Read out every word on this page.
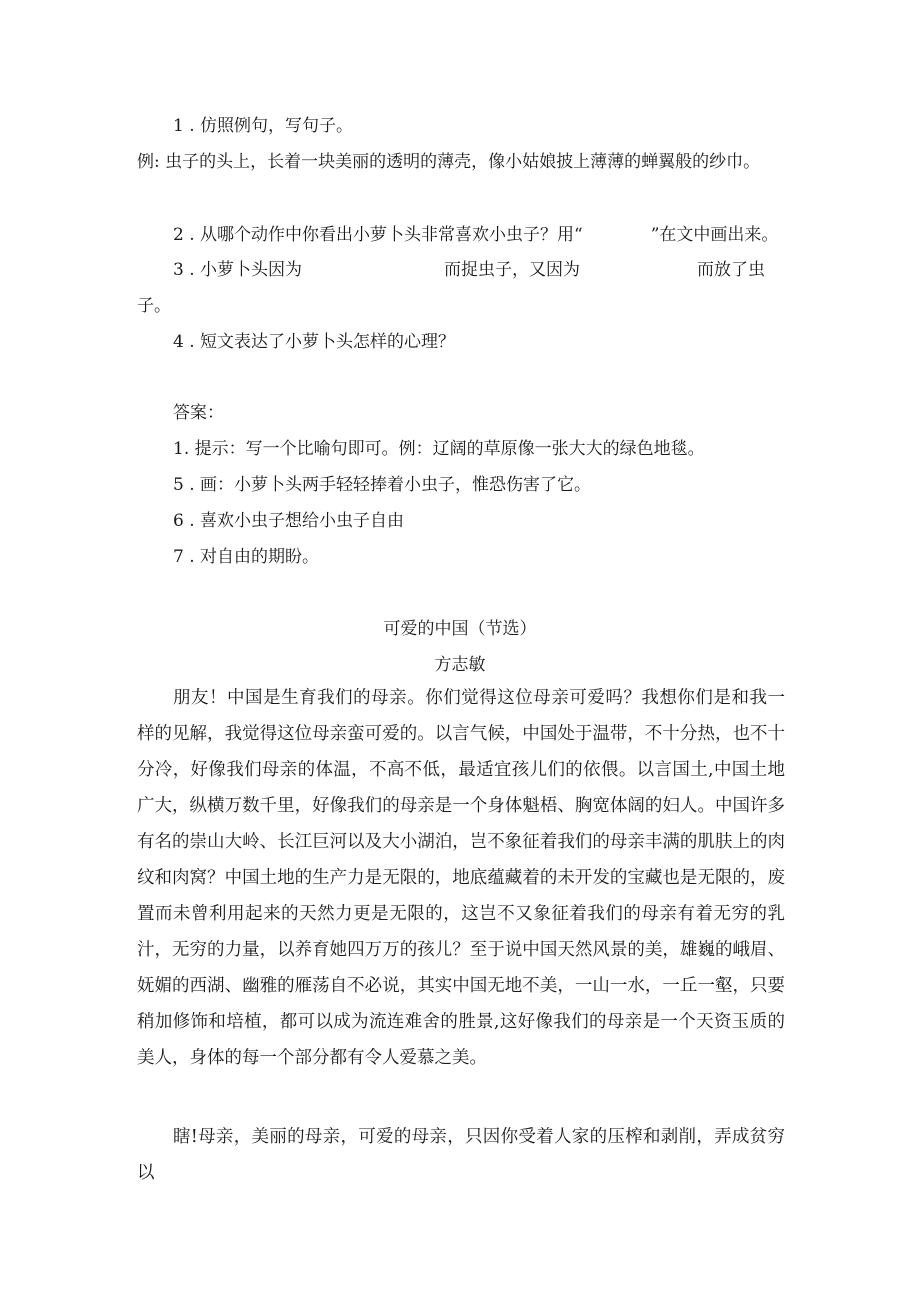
1 . 仿照例句，写句子。
例: 虫子的头上，长着一块美丽的透明的薄壳，像小姑娘披上薄薄的蝉翼般的纱巾。
2 . 从哪个动作中你看出小萝卜头非常喜欢小虫子？用“　　　　”在文中画出来。
3 . 小萝卜头因为	而捉虫子，又因为	而放了虫
子。
4 . 短文表达了小萝卜头怎样的心理？
答案：
1. 提示：写一个比喻句即可。例：辽阔的草原像一张大大的绿色地毯。
5 . 画：小萝卜头两手轻轻捧着小虫子，惟恐伤害了它。
6 . 喜欢小虫子想给小虫子自由
7 . 对自由的期盼。
可爱的中国（节选）
方志敏

朋友！中国是生育我们的母亲。你们觉得这位母亲可爱吗？我想你们是和我一样的见解，我觉得这位母亲蛮可爱的。以言气候，中国处于温带，不十分热，也不十分冷，好像我们母亲的体温，不高不低，最适宜孩儿们的依偎。以言国土,中国土地广大，纵横万数千里，好像我们的母亲是一个身体魁梧、胸宽体阔的妇人。中国许多有名的崇山大岭、长江巨河以及大小湖泊，岂不象征着我们的母亲丰满的肌肤上的肉纹和肉窝？中国土地的生产力是无限的，地底蕴藏着的未开发的宝藏也是无限的，废置而未曾利用起来的天然力更是无限的，这岂不又象征着我们的母亲有着无穷的乳汁，无穷的力量，以养育她四万万的孩儿？至于说中国天然风景的美，雄巍的峨眉、妩媚的西湖、幽雅的雁荡自不必说，其实中国无地不美，一山一水，一丘一壑，只要稍加修饰和培植，都可以成为流连难舍的胜景,这好像我们的母亲是一个天资玉质的美人，身体的每一个部分都有令人爱慕之美。

瞎!母亲，美丽的母亲，可爱的母亲，只因你受着人家的压榨和剥削，弄成贫穷以
